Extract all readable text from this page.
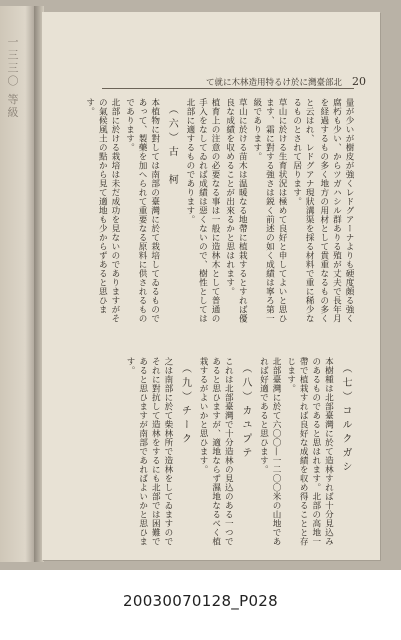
一三三〇 等級	て就に木林造用特るけ於に灣臺部北 20
量が少いが樹皮が強くレドグアーナよりも硬度頗る強く腐朽も少い、からツガハシル群ありる殖が丈夫で長年月を経過するもの多く地方の用材として貴重なるもの多く
と云はれ、レドグアナ現狀溝渠を採る材料で重に稀少なるものとされて居ります。
草山に於ける生育状況は極めて良好と申してよいと思ひます、霜に對する強さは鋭く前述の如く成績は寧ろ第一級であります。
草山に於ける苗木は温暖なる地帶に植栽するとすれば優良な成績を収めることが出來るかと思はれます。
植育上の注意の必要なる事は一般に造林木として普通の手入をなしてゐれば成績は惡くないので、樹性としては北部に適するものであります。
（六）古　柯
本植物に對しては南部の臺灣に於て栽培してゐるものであって、製藥を加へられて重要なる原料に供されるものであります。
北部に於ける栽培は未だ成功を見ないのでありますがその氣候風土の點から見て適地も少からずあると思ひます。
（七）コルクガシ
本樹種は北部臺灣に於て造林すれば十分見込みのあるものであると思はれます。北部の高地一帶で植栽すれば良好な成績を収め得ることと存じます。
北部臺灣に於て六〇〇—一二〇〇米の山地であれば好適であると思ひます。
（八）カユプテ
これは北部臺灣で十分造林の見込のある一つであると思ひますが、適地ならず濕地なるべく植栽するがよいかと思ひます。
（九）チーク
之は南部に於て柴林所で造林をしてゐますのでそれに對抗して造林をするにも北部では困難であると思ひますが南部であればよいかと思ひます。
20030070128_P028
